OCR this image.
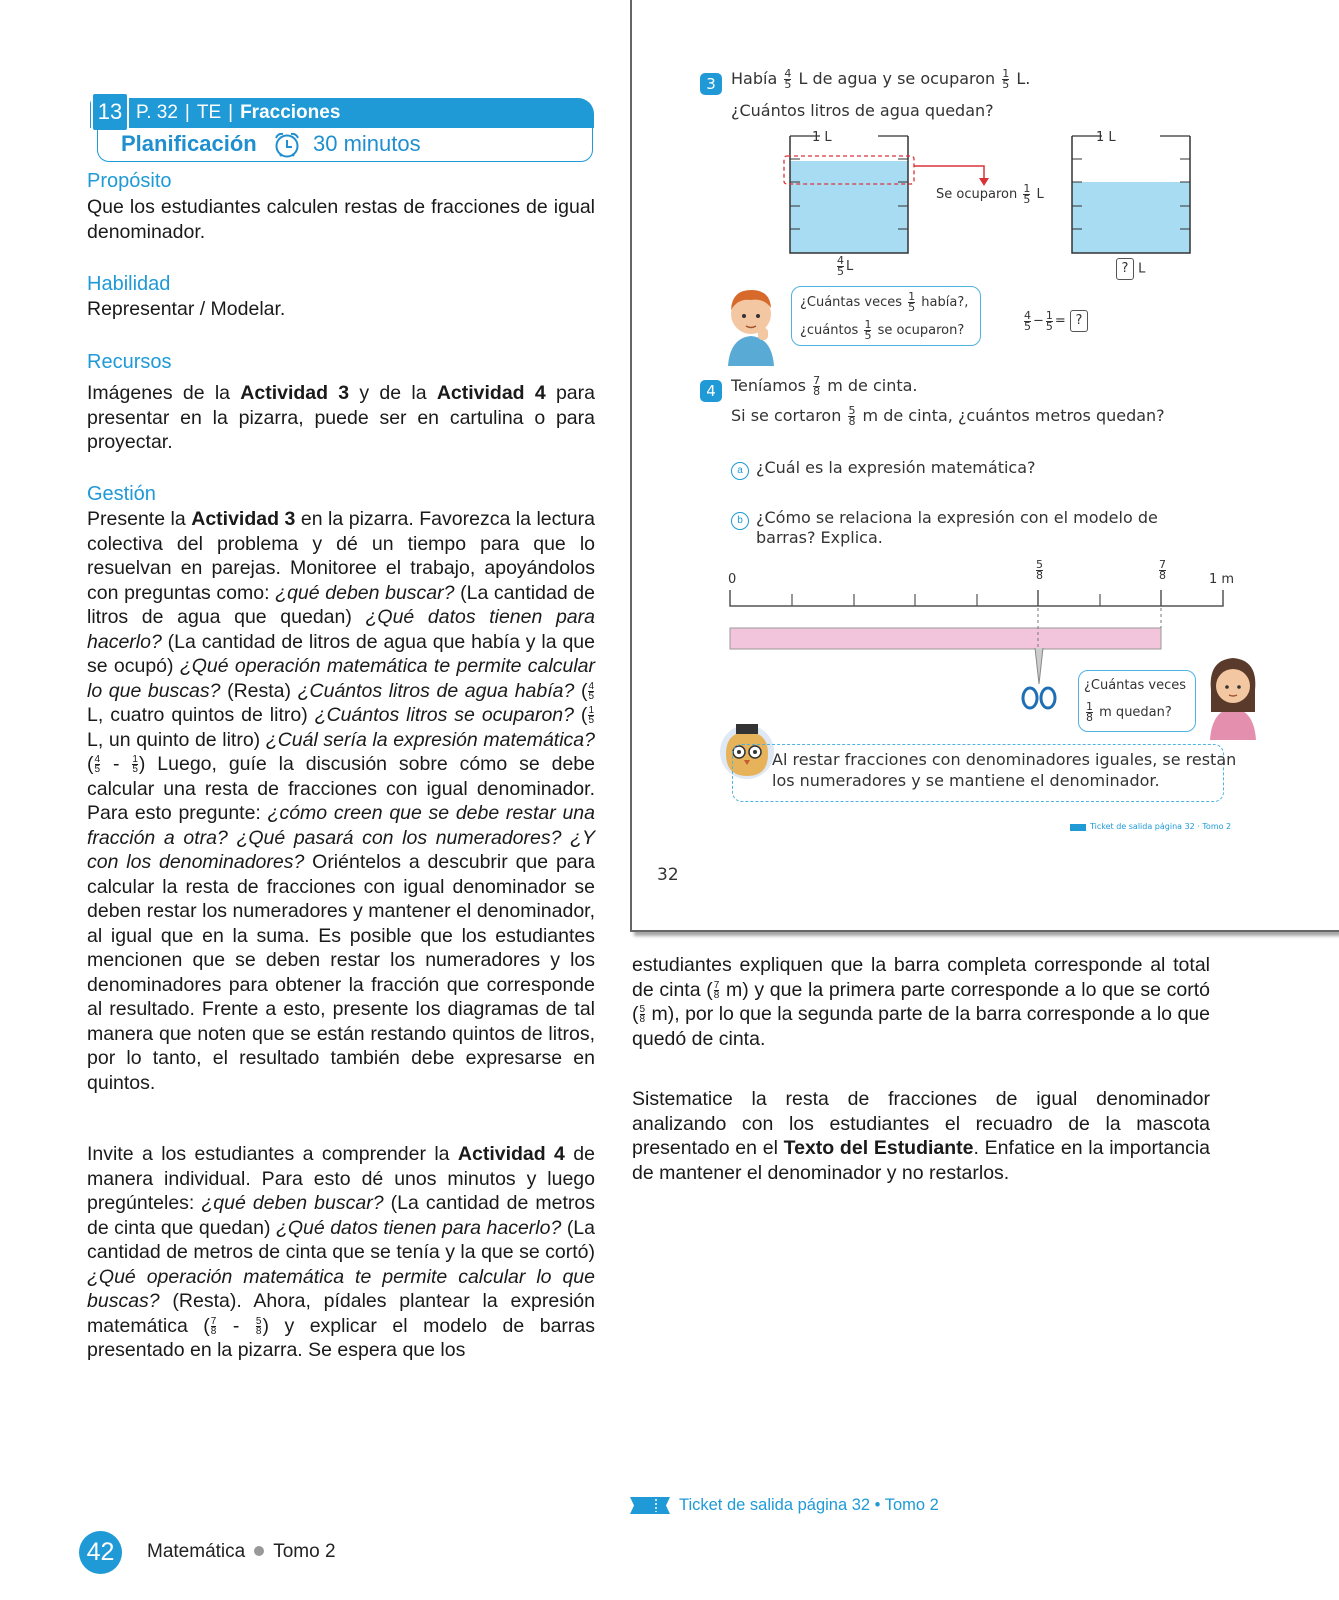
13 P. 32 | TE | Fracciones
Planificación	30 minutos
Propósito
Que los estudiantes calculen restas de fracciones de igual denominador.
Habilidad
Representar / Modelar.
Recursos
Imágenes de la Actividad 3 y de la Actividad 4 para presentar en la pizarra, puede ser en cartulina o para proyectar.
Gestión
Presente la Actividad 3 en la pizarra. Favorezca la lectura colectiva del problema y dé un tiempo para que lo resuelvan en parejas. Monitoree el trabajo, apoyándolos con preguntas como: ¿qué deben buscar? (La cantidad de litros de agua que quedan) ¿Qué datos tienen para hacerlo? (La cantidad de litros de agua que había y la que se ocupó) ¿Qué operación matemática te permite calcular lo que buscas? (Resta) ¿Cuántos litros de agua había? ( $\frac{4}{5}$
L, cuatro quintos de litro) ¿Cuántos litros se ocuparon? ( $\frac{1}{5}$
L, un quinto de litro) ¿Cuál sería la expresión matemática? ( $\frac{4}{5} - \frac{1}{5}$ ) Luego, guíe la discusión sobre cómo se debe calcular una resta de fracciones con igual denominador. Para esto pregunte: ¿cómo creen que se debe restar una fracción a otra? ¿Qué pasará con los numeradores? ¿Y con los denominadores? Oriéntelos a descubrir que para calcular la resta de fracciones con igual denominador se deben restar los numeradores y mantener el denominador, al igual que en la suma. Es posible que los estudiantes mencionen que se deben restar los numeradores y los denominadores para obtener la fracción que corresponde al resultado. Frente a esto, presente los diagramas de tal manera que noten que se están restando quintos de litros, por lo tanto, el resultado también debe expresarse en quintos.
Invite a los estudiantes a comprender la Actividad 4 de manera individual. Para esto dé unos minutos y luego pregúnteles: ¿qué deben buscar? (La cantidad de metros de cinta que quedan) ¿Qué datos tienen para hacerlo? (La cantidad de metros de cinta que se tenía y la que se cortó) ¿Qué operación matemática te permite calcular lo que buscas? (Resta). Ahora, pídales plantear la expresión matemática ( $\frac{7}{8} - \frac{5}{8}$ ) y explicar el modelo de barras presentado en la pizarra. Se espera que los
3 Había $\frac{4}{5}$ L de agua y se ocuparon $\frac{1}{5} L$.
¿Cuántos litros de agua quedan?
1 L
Se ocuparon $\frac{1}{5}$ L
$\frac{4}{5}$ L
1 L
? L
¿Cuántas veces $\frac{1}{5}$ había?,
¿cuántos $\frac{1}{5}$ se ocuparon?	$\frac{4}{5} - \frac{1}{5}$ = ?
4 Teníamos $\frac{7}{8}$ m de cinta.
Si se cortaron $\frac{5}{8}$ m de cinta, ¿cuántos metros quedan?
a ¿Cuál es la expresión matemática?
b ¿Cómo se relaciona la expresión con el modelo de
barras? Explica.
0	$\frac{5}{8}$	$\frac{7}{8}$	1 m
¿Cuántas veces
$\frac{1}{8}$ m quedan?
Al restar fracciones con denominadores iguales, se restan
los numeradores y se mantiene el denominador.
Ticket de salida página 32 · Tomo 2
32
estudiantes expliquen que la barra completa corresponde al total de cinta ( $\frac{7}{8} m$) y que la primera parte corresponde a lo que se cortó ( $\frac{5}{8} m$), por lo que la segunda parte de la barra corresponde a lo que quedó de cinta.
Sistematice la resta de fracciones de igual denominador analizando con los estudiantes el recuadro de la mascota presentado en el Texto del Estudiante. Enfatice en la importancia de mantener el denominador y no restarlos.
Ticket de salida página 32 • Tomo 2
42	Matemática Tomo 2
